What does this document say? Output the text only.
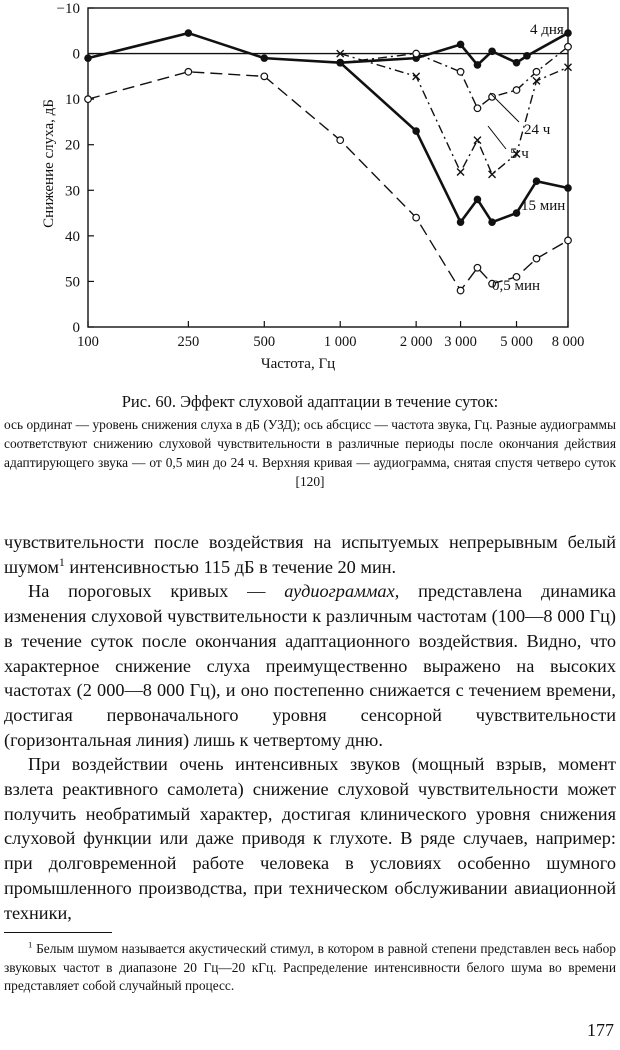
−10
0
10
20
30
40
50
0
100	250	500	1 000	2 000 3 000 5 000 8 000
Частота, Гц
Снижение слуха, дБ
4 дня
24 ч
5 ч
15 мин
0,5 мин
Рис. 60. Эффект слуховой адаптации в течение суток:
ось ординат — уровень снижения слуха в дБ (УЗД); ось абсцисс — частота звука, Гц. Разные аудиограммы соответствуют снижению слуховой чувствительности в различные периоды после окончания действия адаптирующего звука — от 0,5 мин до 24 ч. Верхняя кривая — аудиограмма, снятая спустя четверо суток [120]

чувствительности после воздействия на испытуемых непрерывным белый шумом$^1$ интенсивностью 115 дБ в течение 20 мин.

На пороговых кривых — аудиограммах, представлена динамика изменения слуховой чувствительности к различным частотам (100—8 000 Гц) в течение суток после окончания адаптационного воздействия. Видно, что характерное снижение слуха преимущественно выражено на высоких частотах (2 000—8 000 Гц), и оно постепенно снижается с течением времени, достигая первоначального уровня сенсорной чувствительности (горизонтальная линия) лишь к четвертому дню.

При воздействии очень интенсивных звуков (мощный взрыв, момент взлета реактивного самолета) снижение слуховой чувствительности может получить необратимый характер, достигая клинического уровня снижения слуховой функции или даже приводя к глухоте. В ряде случаев, например: при долговременной работе человека в условиях особенно шумного промышленного производства, при техническом обслуживании авиационной техники,

$^1$ Белым шумом называется акустический стимул, в котором в равной степени представлен весь набор звуковых частот в диапазоне 20 Гц—20 кГц. Распределение интенсивности белого шума во времени представляет собой случайный процесс.
177
